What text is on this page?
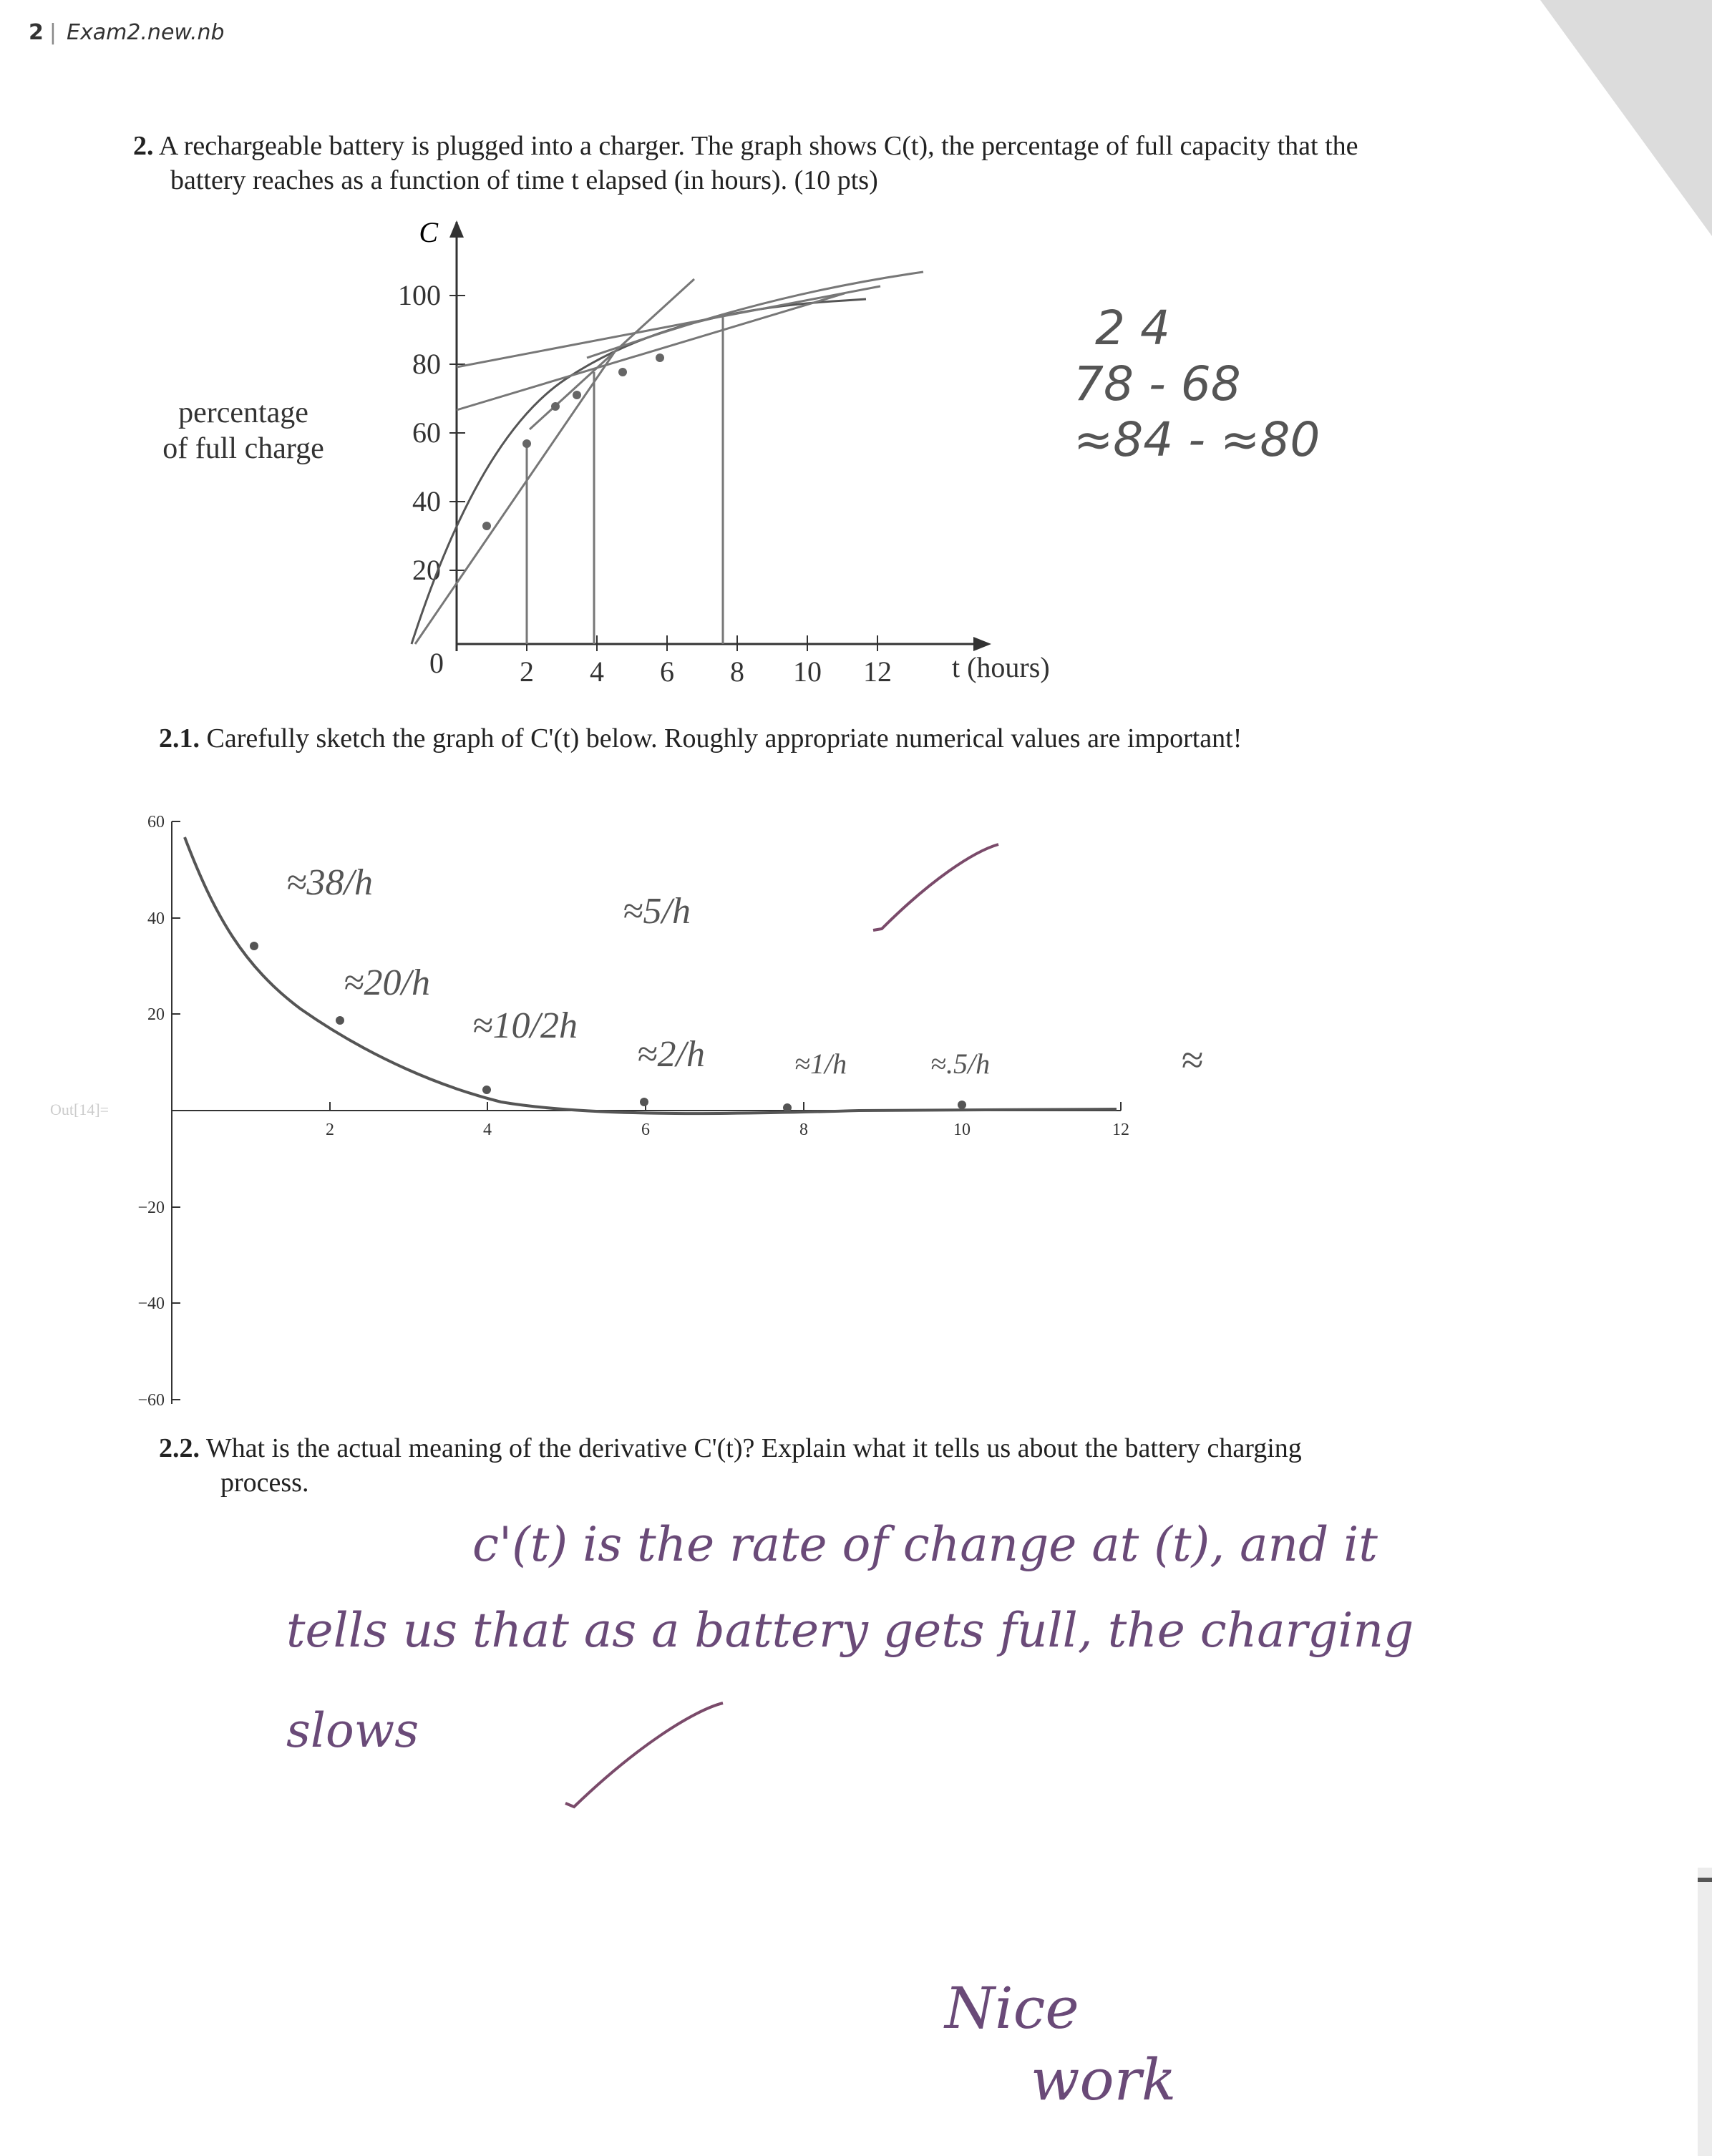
2 | Exam2.new.nb
2. A rechargeable battery is plugged into a charger. The graph shows C(t), the percentage of full capacity that the
battery reaches as a function of time t elapsed (in hours). (10 pts)
C
100
80
60
40
20
0	2 4 6 8 10 12 t (hours)
percentage
of full charge
2 4
78 - 68
≈84 - ≈80
2.1. Carefully sketch the graph of C'(t) below. Roughly appropriate numerical values are important!
Out[14]=
60
40
20
−20
−40
−60
2	4	6	8	10	12
≈38/h
≈20/h
≈10/2h
≈5/h
≈2/h	≈1/h	≈.5/h	≈
2.2. What is the actual meaning of the derivative C'(t)? Explain what it tells us about the battery charging
process.
c'(t) is the rate of change at (t), and it
tells us that as a battery gets full, the charging
slows
Nice
work
